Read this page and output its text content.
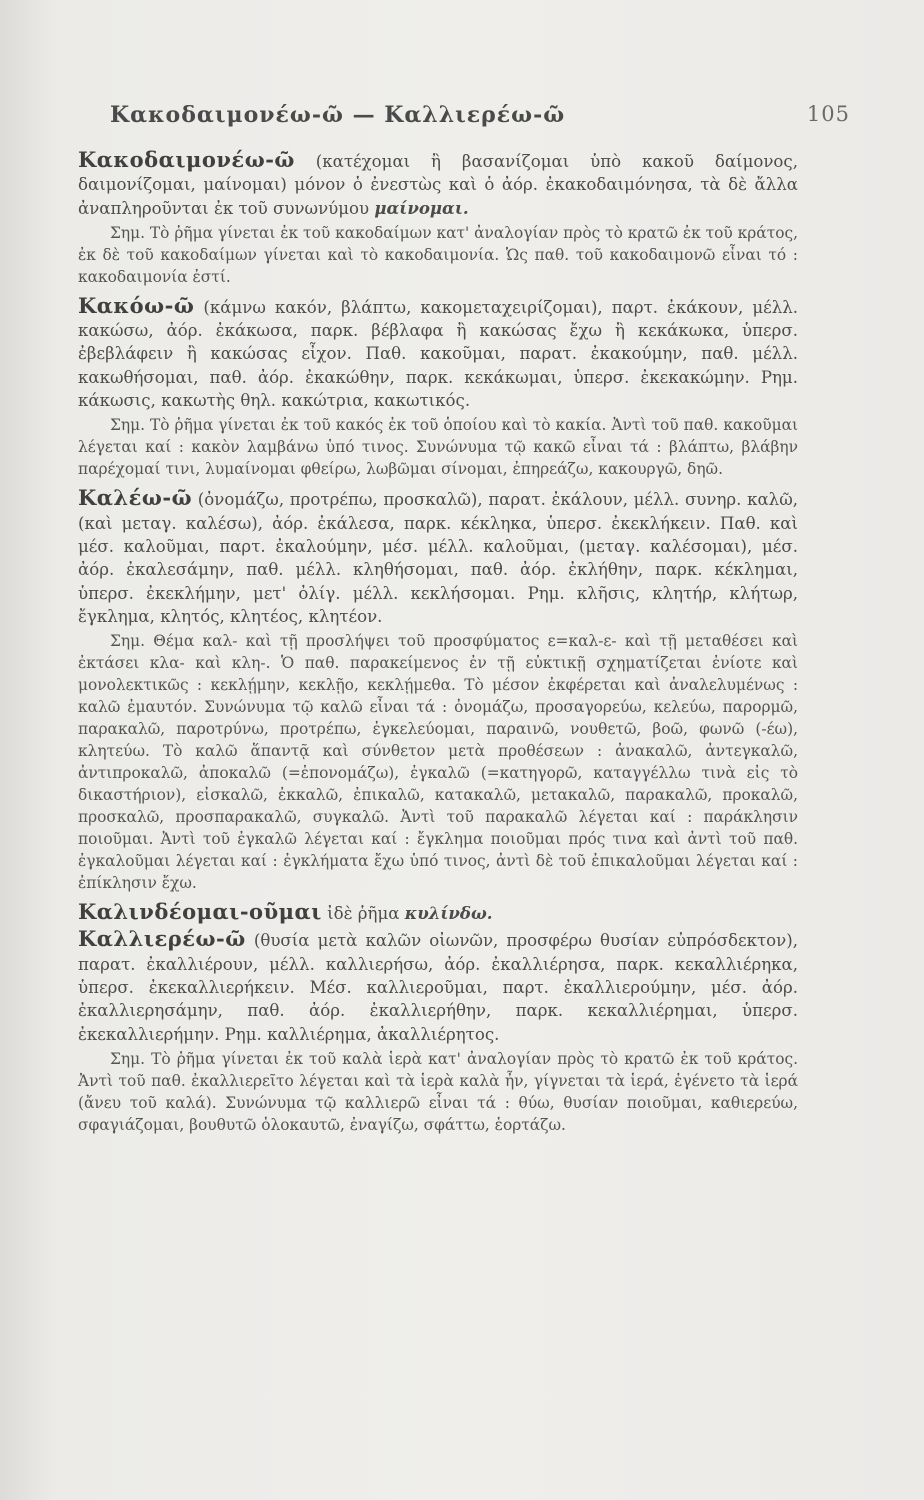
Κακοδαιμονέω-ῶ — Καλλιερέω-ῶ	105

Κακοδαιμονέω-ῶ (κατέχομαι ἢ βασανίζομαι ὑπὸ κακοῦ δαίμονος, δαιμονίζομαι, μαίνομαι) μόνον ὁ ἐνεστὼς καὶ ὁ ἀόρ. ἐκακοδαιμόνησα, τὰ δὲ ἄλλα ἀναπληροῦνται ἐκ τοῦ συνωνύμου μαίνομαι.

Σημ. Τὸ ῥῆμα γίνεται ἐκ τοῦ κακοδαίμων κατ' ἀναλογίαν πρὸς τὸ κρατῶ ἐκ τοῦ κράτος, ἐκ δὲ τοῦ κακοδαίμων γίνεται καὶ τὸ κακοδαιμονία. Ὡς παθ. τοῦ κακοδαιμονῶ εἶναι τό : κακοδαιμονία ἐστί.

Κακόω-ῶ (κάμνω κακόν, βλάπτω, κακομεταχειρίζομαι), παρτ. ἐκάκουν, μέλλ. κακώσω, ἀόρ. ἐκάκωσα, παρκ. βέβλαφα ἢ κακώσας ἔχω ἢ κεκάκωκα, ὑπερσ. ἐβεβλάφειν ἢ κακώσας εἶχον. Παθ. κακοῦμαι, παρατ. ἐκακούμην, παθ. μέλλ. κακωθήσομαι, παθ. ἀόρ. ἐκακώθην, παρκ. κεκάκωμαι, ὑπερσ. ἐκεκακώμην. Ρημ. κάκωσις, κακωτὴς θηλ. κακώτρια, κακωτικός.

Σημ. Τὸ ῥῆμα γίνεται ἐκ τοῦ κακός ἐκ τοῦ ὁποίου καὶ τὸ κακία. Ἀντὶ τοῦ παθ. κακοῦμαι λέγεται καί : κακὸν λαμβάνω ὑπό τινος. Συνώνυμα τῷ κακῶ εἶναι τά : βλάπτω, βλάβην παρέχομαί τινι, λυμαίνομαι φθείρω, λωβῶμαι σίνομαι, ἐπηρεάζω, κακουργῶ, δηῶ.

Καλέω-ῶ (ὀνομάζω, προτρέπω, προσκαλῶ), παρατ. ἐκάλουν, μέλλ. συνηρ. καλῶ, (καὶ μεταγ. καλέσω), ἀόρ. ἐκάλεσα, παρκ. κέκληκα, ὑπερσ. ἐκεκλήκειν. Παθ. καὶ μέσ. καλοῦμαι, παρτ. ἐκαλούμην, μέσ. μέλλ. καλοῦμαι, (μεταγ. καλέσομαι), μέσ. ἀόρ. ἐκαλεσάμην, παθ. μέλλ. κληθήσομαι, παθ. ἀόρ. ἐκλήθην, παρκ. κέκλημαι, ὑπερσ. ἐκεκλήμην, μετ' ὀλίγ. μέλλ. κεκλήσομαι. Ρημ. κλῆσις, κλητήρ, κλήτωρ, ἔγκλημα, κλητός, κλητέος, κλητέον.

Σημ. Θέμα καλ- καὶ τῇ προσλήψει τοῦ προσφύματος ε=καλ-ε- καὶ τῇ μεταθέσει καὶ ἐκτάσει κλα- καὶ κλη-. Ὁ παθ. παρακείμενος ἐν τῇ εὐκτικῇ σχηματίζεται ἐνίοτε καὶ μονολεκτικῶς : κεκλῄμην, κεκλῇο, κεκλῄμεθα. Τὸ μέσον ἐκφέρεται καὶ ἀναλελυμένως : καλῶ ἐμαυτόν. Συνώνυμα τῷ καλῶ εἶναι τά : ὀνομάζω, προσαγορεύω, κελεύω, παρορμῶ, παρακαλῶ, παροτρύνω, προτρέπω, ἐγκελεύομαι, παραινῶ, νουθετῶ, βοῶ, φωνῶ (-έω), κλητεύω. Τὸ καλῶ ἅπαντᾷ καὶ σύνθετον μετὰ προθέσεων : ἀνακαλῶ, ἀντεγκαλῶ, ἀντιπροκαλῶ, ἀποκαλῶ (=ἐπονομάζω), ἐγκαλῶ (=κατηγορῶ, καταγγέλλω τινὰ εἰς τὸ δικαστήριον), εἰσκαλῶ, ἐκκαλῶ, ἐπικαλῶ, κατακαλῶ, μετακαλῶ, παρακαλῶ, προκαλῶ, προσκαλῶ, προσπαρακαλῶ, συγκαλῶ. Ἀντὶ τοῦ παρακαλῶ λέγεται καί : παράκλησιν ποιοῦμαι. Ἀντὶ τοῦ ἐγκαλῶ λέγεται καί : ἔγκλημα ποιοῦμαι πρός τινα καὶ ἀντὶ τοῦ παθ. ἐγκαλοῦμαι λέγεται καί : ἐγκλήματα ἔχω ὑπό τινος, ἀντὶ δὲ τοῦ ἐπικαλοῦμαι λέγεται καί : ἐπίκλησιν ἔχω.

Καλινδέομαι-οῦμαι ἰδὲ ῥῆμα κυλίνδω.

Καλλιερέω-ῶ (θυσία μετὰ καλῶν οἰωνῶν, προσφέρω θυσίαν εὐπρόσδεκτον), παρατ. ἐκαλλιέρουν, μέλλ. καλλιερήσω, ἀόρ. ἐκαλλιέρησα, παρκ. κεκαλλιέρηκα, ὑπερσ. ἐκεκαλλιερήκειν. Μέσ. καλλιεροῦμαι, παρτ. ἐκαλλιερούμην, μέσ. ἀόρ. ἐκαλλιερησάμην, παθ. ἀόρ. ἐκαλλιερήθην, παρκ. κεκαλλιέρημαι, ὑπερσ. ἐκεκαλλιερήμην. Ρημ. καλλιέρημα, ἀκαλλιέρητος.

Σημ. Τὸ ῥῆμα γίνεται ἐκ τοῦ καλὰ ἱερὰ κατ' ἀναλογίαν πρὸς τὸ κρατῶ ἐκ τοῦ κράτος. Ἀντὶ τοῦ παθ. ἐκαλλιερεῖτο λέγεται καὶ τὰ ἱερὰ καλὰ ἦν, γίγνεται τὰ ἱερά, ἐγένετο τὰ ἱερά (ἄνευ τοῦ καλά). Συνώνυμα τῷ καλλιερῶ εἶναι τά : θύω, θυσίαν ποιοῦμαι, καθιερεύω, σφαγιάζομαι, βουθυτῶ ὁλοκαυτῶ, ἐναγίζω, σφάττω, ἑορτάζω.
